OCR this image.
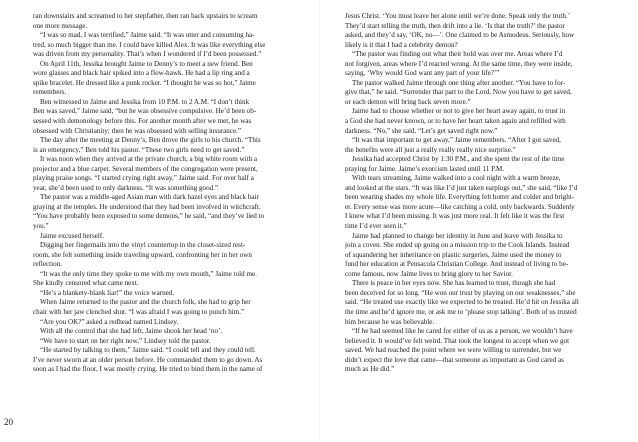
ran downstairs and screamed to her stepfather, then ran back upstairs to scream
one more message.
“I was so mad, I was terrified,” Jaime said. “It was utter and consuming ha-
tred, so much bigger than me. I could have killed Alex. It was like everything else
was driven from my personality. That’s when I wondered if I’d been possessed.”
On April 11th, Jessika brought Jaime to Denny’s to meet a new friend. Ben
wore glasses and black hair spiked into a flow-hawk. He had a lip ring and a
spike bracelet. He dressed like a punk rocker. “I thought he was so hot,” Jaime
remembers.
Ben witnessed to Jaime and Jessika from 10 P.M. to 2 A.M. “I don’t think
Ben was saved,” Jaime said, “but he was obsessive compulsive. He’d been ob-
sessed with demonology before this. For another month after we met, he was
obsessed with Christianity; then he was obsessed with selling insurance.”
The day after the meeting at Denny’s, Ben drove the girls to his church. “This
is an emergency,” Ben told his pastor. “These two girls need to get saved.”
It was noon when they arrived at the private church, a big white room with a
projector and a blue carpet. Several members of the congregation were present,
playing praise songs. “I started crying right away,” Jaime said. For over half a
year, she’d been used to only darkness. “It was something good.”
The pastor was a middle-aged Asian man with dark hazel eyes and black hair
graying at the temples. He understood that they had been involved in witchcraft.
“You have probably been exposed to some demons,” he said, “and they’ve lied to
you.”
Jaime excused herself.
Digging her fingernails into the vinyl countertop in the closet-sized rest-
room, she felt something inside traveling upward, confronting her in her own
reflection.
“It was the only time they spoke to me with my own mouth,” Jaime told me.
She kindly censored what came next.
“He’s a blankety-blank liar!” the voice warned.
When Jaime returned to the pastor and the church folk, she had to grip her
chair with her jaw clenched shut. “I was afraid I was going to punch him.”
“Are you OK?” asked a redhead named Lindsey.
With all the control that she had left, Jaime shook her head ‘no’.
“We have to start on her right now,” Lindsey told the pastor.
“He started by talking to them,” Jaime said. “I could tell and they could tell.
I’ve never sworn at an older person before. He commanded them to go down. As
soon as I had the floor, I was mostly crying. He tried to bind them in the name of
Jesus Christ. ‘You must leave her alone until we’re done. Speak only the truth.’
They’d start telling the truth, then drift into a lie. ‘Is that the truth?’ the pastor
asked, and they’d say, ‘OK, no—’. One claimed to be Asmodeus. Seriously, how
likely is it that I had a celebrity demon?
“The pastor was finding out what their hold was over me. Areas where I’d
not forgiven, areas where I’d reacted wrong. At the same time, they were inside,
saying, ‘Why would God want any part of your life?’”
The pastor walked Jaime through one thing after another. “You have to for-
give that,” he said. “Surrender that part to the Lord. Now you have to get saved,
or each demon will bring back seven more.”
Jaime had to choose whether or not to give her heart away again, to trust in
a God she had never known, or to have her heart taken again and refilled with
darkness. “No,” she said. “Let’s get saved right now.”
“It was that important to get away,” Jaime remembers. “After I got saved,
the benefits were all just a really really really nice surprise.”
Jessika had accepted Christ by 1:30 P.M., and she spent the rest of the time
praying for Jaime. Jaime’s exorcism lasted until 11 P.M.
With tears streaming, Jaime walked into a cool night with a warm breeze,
and looked at the stars. “It was like I’d just taken earplugs out,” she said, “like I’d
been wearing shades my whole life. Everything felt hotter and colder and bright-
er. Every sense was more acute—like catching a cold, only backwards. Suddenly
I knew what I’d been missing. It was just more real. It felt like it was the first
time I’d ever seen it.”
Jaime had planned to change her identity in June and leave with Jessika to
join a coven. She ended up going on a mission trip to the Cook Islands. Instead
of squandering her inheritance on plastic surgeries, Jaime used the money to
fund her education at Pensacola Christian College. And instead of living to be-
come famous, now Jaime lives to bring glory to her Savior.
There is peace in her eyes now. She has learned to trust, though she had
been deceived for so long. “He won our trust by playing on our weaknesses,” she
said. “He treated use exactly like we expected to be treated. He’d hit on Jessika all
the time and he’d ignore me, or ask me to ‘please stop talking’. Both of us trusted
him because he was believable.
“If he had seemed like he cared for either of us as a person, we wouldn’t have
believed it. It would’ve felt weird. That took the longest to accept when we got
saved. We had reached the point where we were willing to surrender, but we
didn’t expect the love that came—that someone as important as God cared as
much as He did.”
20
